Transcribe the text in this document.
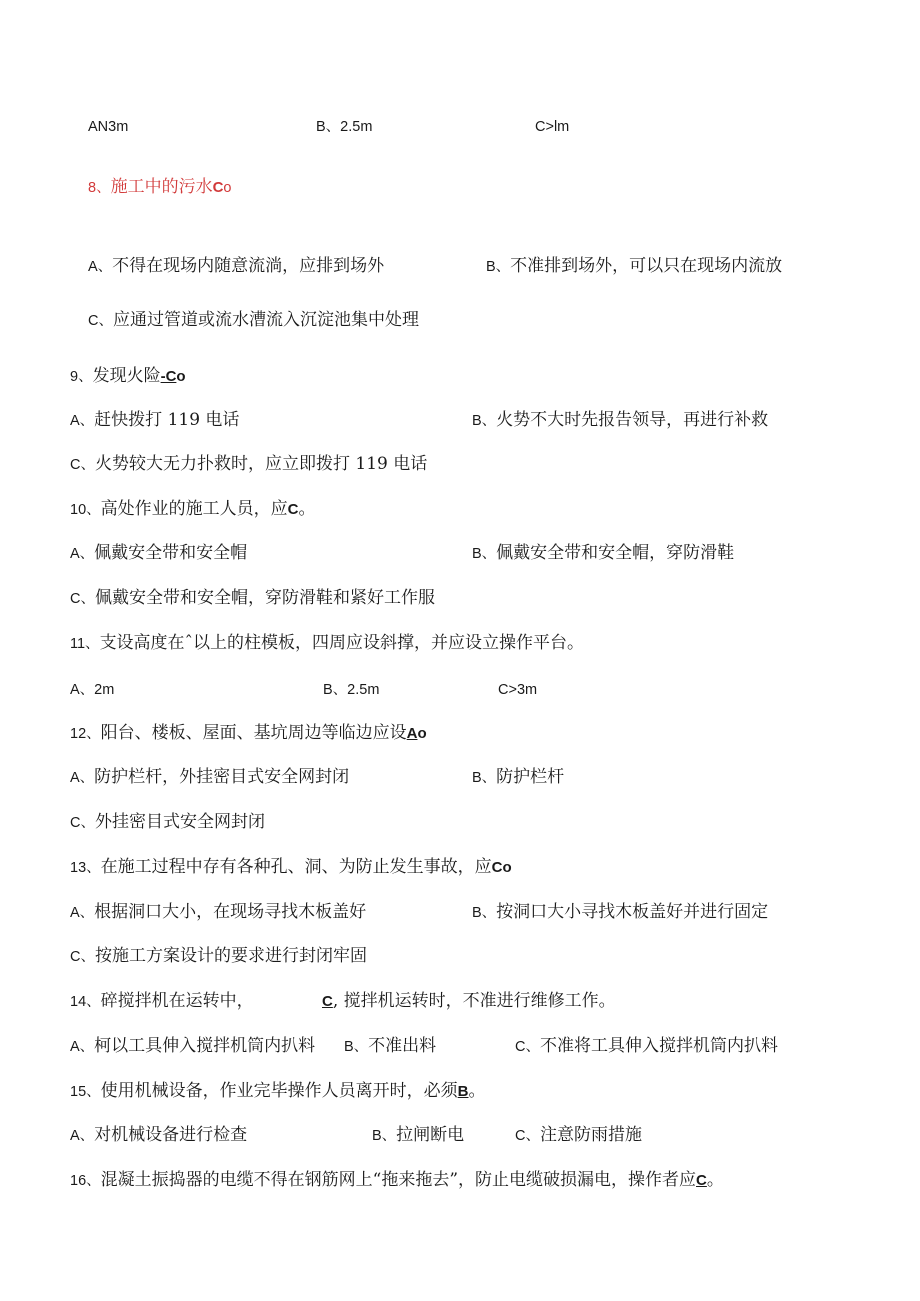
AN3m	B、2.5m	C>lm
8、施工中的污水Co
A、不得在现场内随意流淌，应排到场外	B、不准排到场外，可以只在现场内流放
C、应通过管道或流水漕流入沉淀池集中处理
9、发现火险-Co
A、赶快拨打 119 电话	B、火势不大时先报告领导，再进行补救
C、火势较大无力扑救时，应立即拨打 119 电话
10、高处作业的施工人员，应C。
A、佩戴安全带和安全帽	B、佩戴安全带和安全帽，穿防滑鞋
C、佩戴安全带和安全帽，穿防滑鞋和紧好工作服
11、支设高度在ˆ以上的柱模板，四周应设斜撑，并应设立操作平台。
A、2m	B、2.5m	C>3m
12、阳台、楼板、屋面、基坑周边等临边应设Ao
A、防护栏杆，外挂密目式安全网封闭	B、防护栏杆
C、外挂密目式安全网封闭
13、在施工过程中存有各种孔、洞、为防止发生事故，应Co
A、根据洞口大小，在现场寻找木板盖好	B、按洞口大小寻找木板盖好并进行固定
C、按施工方案设计的要求进行封闭牢固
14、碎搅拌机在运转中，	C, 搅拌机运转时，不准进行维修工作。
A、柯以工具伸入搅拌机筒内扒料 B、不准出料	C、不准将工具伸入搅拌机筒内扒料
15、使用机械设备，作业完毕操作人员离开时，必须B。
A、对机械设备进行检查	B、拉闸断电	C、注意防雨措施
16、混凝土振捣器的电缆不得在钢筋网上“拖来拖去”，防止电缆破损漏电，操作者应C。
